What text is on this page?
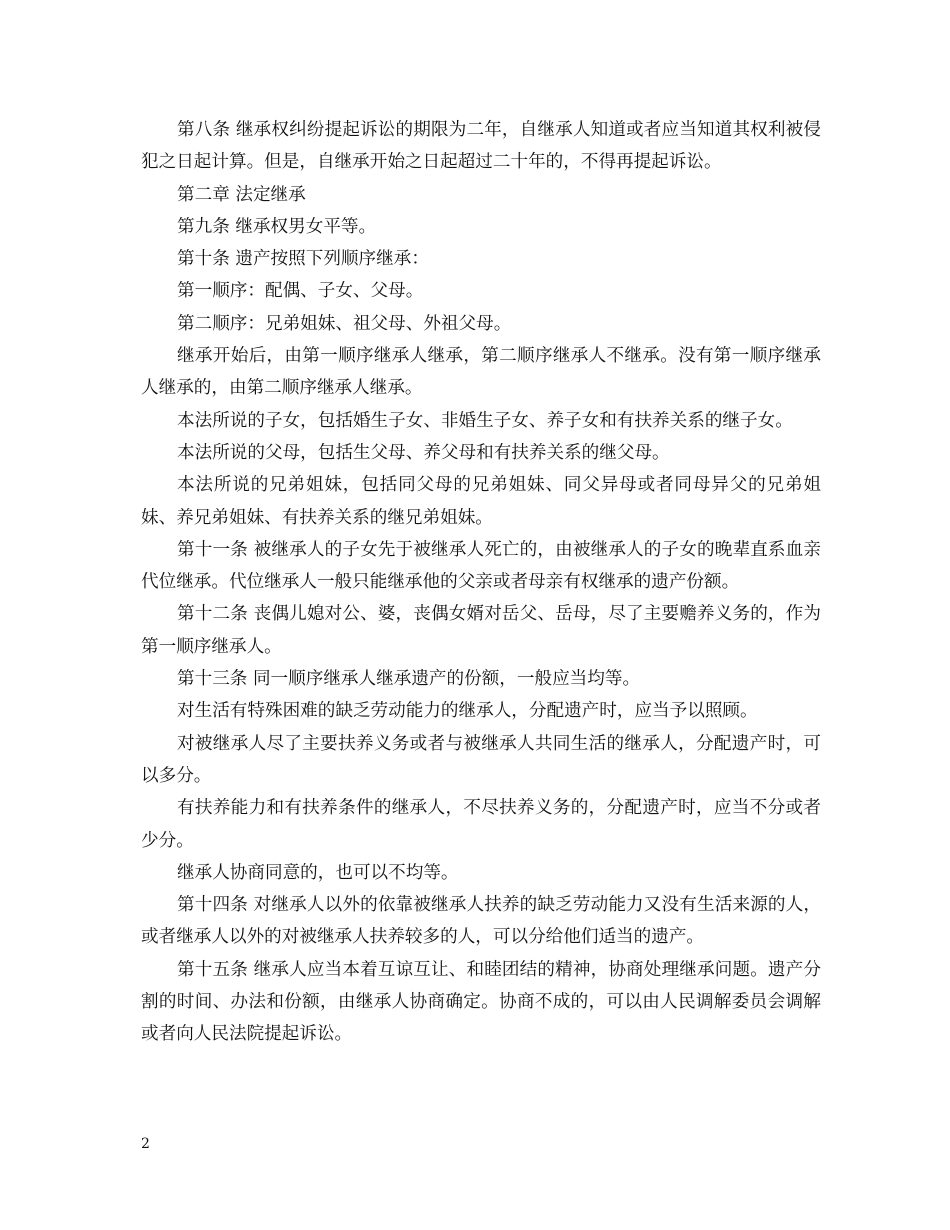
第八条 继承权纠纷提起诉讼的期限为二年，自继承人知道或者应当知道其权利被侵犯之日起计算。但是，自继承开始之日起超过二十年的，不得再提起诉讼。

第二章 法定继承

第九条 继承权男女平等。

第十条 遗产按照下列顺序继承：

第一顺序：配偶、子女、父母。

第二顺序：兄弟姐妹、祖父母、外祖父母。

继承开始后，由第一顺序继承人继承，第二顺序继承人不继承。没有第一顺序继承人继承的，由第二顺序继承人继承。

本法所说的子女，包括婚生子女、非婚生子女、养子女和有扶养关系的继子女。

本法所说的父母，包括生父母、养父母和有扶养关系的继父母。

本法所说的兄弟姐妹，包括同父母的兄弟姐妹、同父异母或者同母异父的兄弟姐妹、养兄弟姐妹、有扶养关系的继兄弟姐妹。

第十一条 被继承人的子女先于被继承人死亡的，由被继承人的子女的晚辈直系血亲代位继承。代位继承人一般只能继承他的父亲或者母亲有权继承的遗产份额。

第十二条 丧偶儿媳对公、婆，丧偶女婿对岳父、岳母，尽了主要赡养义务的，作为第一顺序继承人。

第十三条 同一顺序继承人继承遗产的份额，一般应当均等。

对生活有特殊困难的缺乏劳动能力的继承人，分配遗产时，应当予以照顾。

对被继承人尽了主要扶养义务或者与被继承人共同生活的继承人，分配遗产时，可以多分。

有扶养能力和有扶养条件的继承人，不尽扶养义务的，分配遗产时，应当不分或者少分。

继承人协商同意的，也可以不均等。

第十四条 对继承人以外的依靠被继承人扶养的缺乏劳动能力又没有生活来源的人，或者继承人以外的对被继承人扶养较多的人，可以分给他们适当的遗产。

第十五条 继承人应当本着互谅互让、和睦团结的精神，协商处理继承问题。遗产分割的时间、办法和份额，由继承人协商确定。协商不成的，可以由人民调解委员会调解或者向人民法院提起诉讼。

2
